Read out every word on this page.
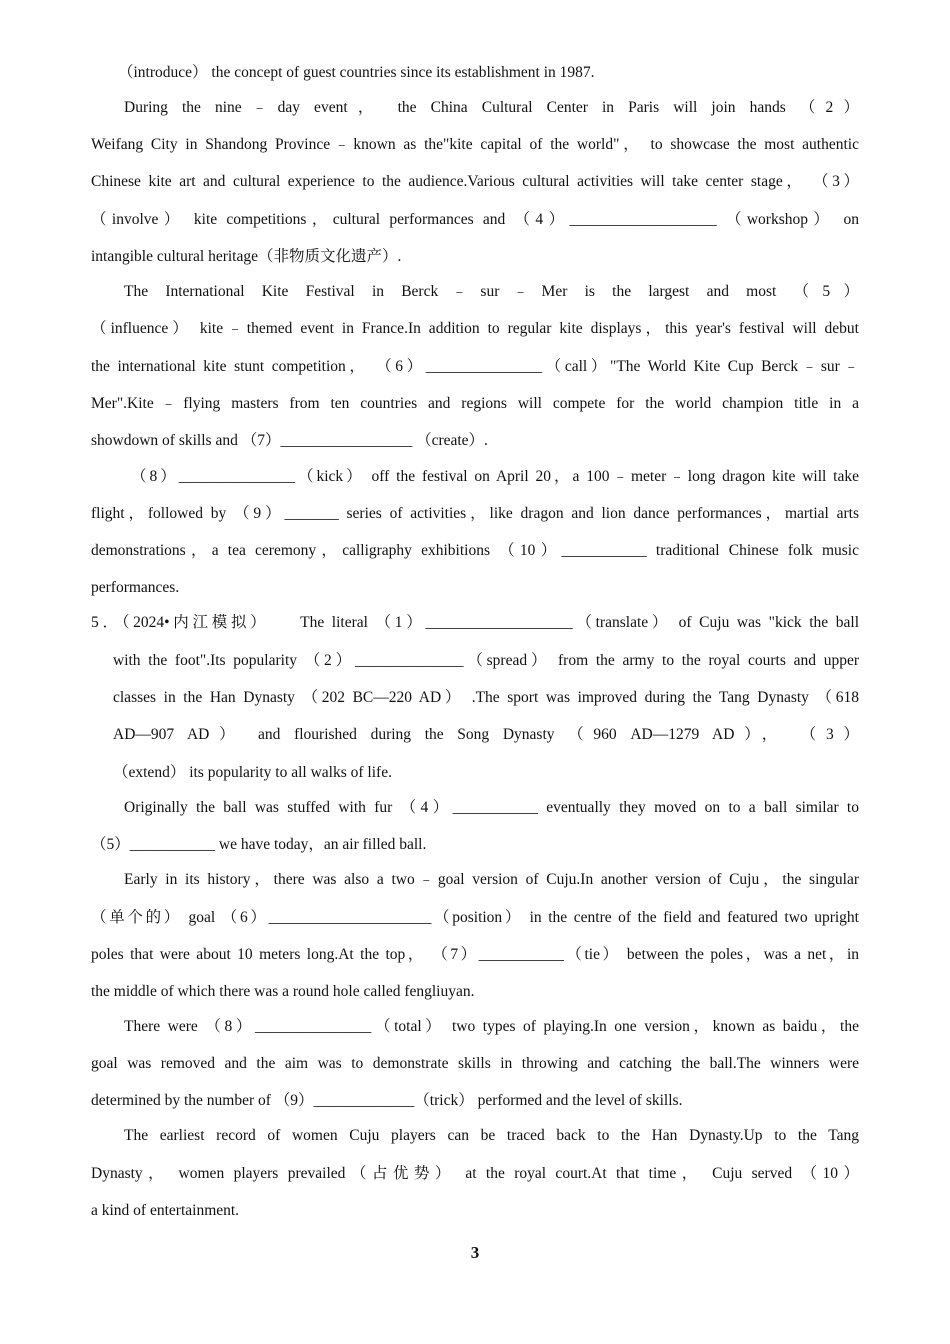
（introduce） the concept of guest countries since its establishment in 1987.
During the nine﹣day event， the China Cultural Center in Paris will join hands （2）
Weifang City in Shandong Province﹣known as the"kite capital of the world"， to showcase the most authentic
Chinese kite art and cultural experience to the audience.Various cultural activities will take center stage， （3）
（involve） kite competitions，cultural performances and （4）___________________ （workshop） on
intangible cultural heritage（非物质文化遗产）.
The International Kite Festival in Berck﹣sur﹣Mer is the largest and most （5）
（influence） kite﹣themed event in France.In addition to regular kite displays，this year's festival will debut
the international kite stunt competition， （6）_______________（call）"The World Kite Cup Berck﹣sur﹣
Mer".Kite﹣flying masters from ten countries and regions will compete for the world champion title in a
showdown of skills and （7）_________________ （create）.
（8）_______________（kick） off the festival on April 20，a 100﹣meter﹣long dragon kite will take
flight，followed by （9）_______ series of activities，like dragon and lion dance performances，martial arts
demonstrations，a tea ceremony，calligraphy exhibitions （10）___________ traditional Chinese folk music
performances.
5．（2024•内江模拟）　　The literal （1）___________________（translate） of Cuju was "kick the ball
with the foot".Its popularity （2）______________（spread） from the army to the royal courts and upper
classes in the Han Dynasty （202 BC—220 AD） .The sport was improved during the Tang Dynasty （618
AD—907 AD） and flourished during the Song Dynasty （960 AD—1279 AD）， （3）
（extend） its popularity to all walks of life.
Originally the ball was stuffed with fur （4）___________ eventually they moved on to a ball similar to
（5）___________ we have today，an air filled ball.
Early in its history，there was also a two﹣goal version of Cuju.In another version of Cuju，the singular
（单个的） goal （6）_____________________（position） in the centre of the field and featured two upright
poles that were about 10 meters long.At the top， （7）___________（tie） between the poles，was a net，in
the middle of which there was a round hole called fengliuyan.
There were （8）_______________（total） two types of playing.In one version，known as baidu，the
goal was removed and the aim was to demonstrate skills in throwing and catching the ball.The winners were
determined by the number of （9）_____________（trick） performed and the level of skills.
The earliest record of women Cuju players can be traced back to the Han Dynasty.Up to the Tang
Dynasty， women players prevailed（占优势） at the royal court.At that time， Cuju served （10）
a kind of entertainment.
3
